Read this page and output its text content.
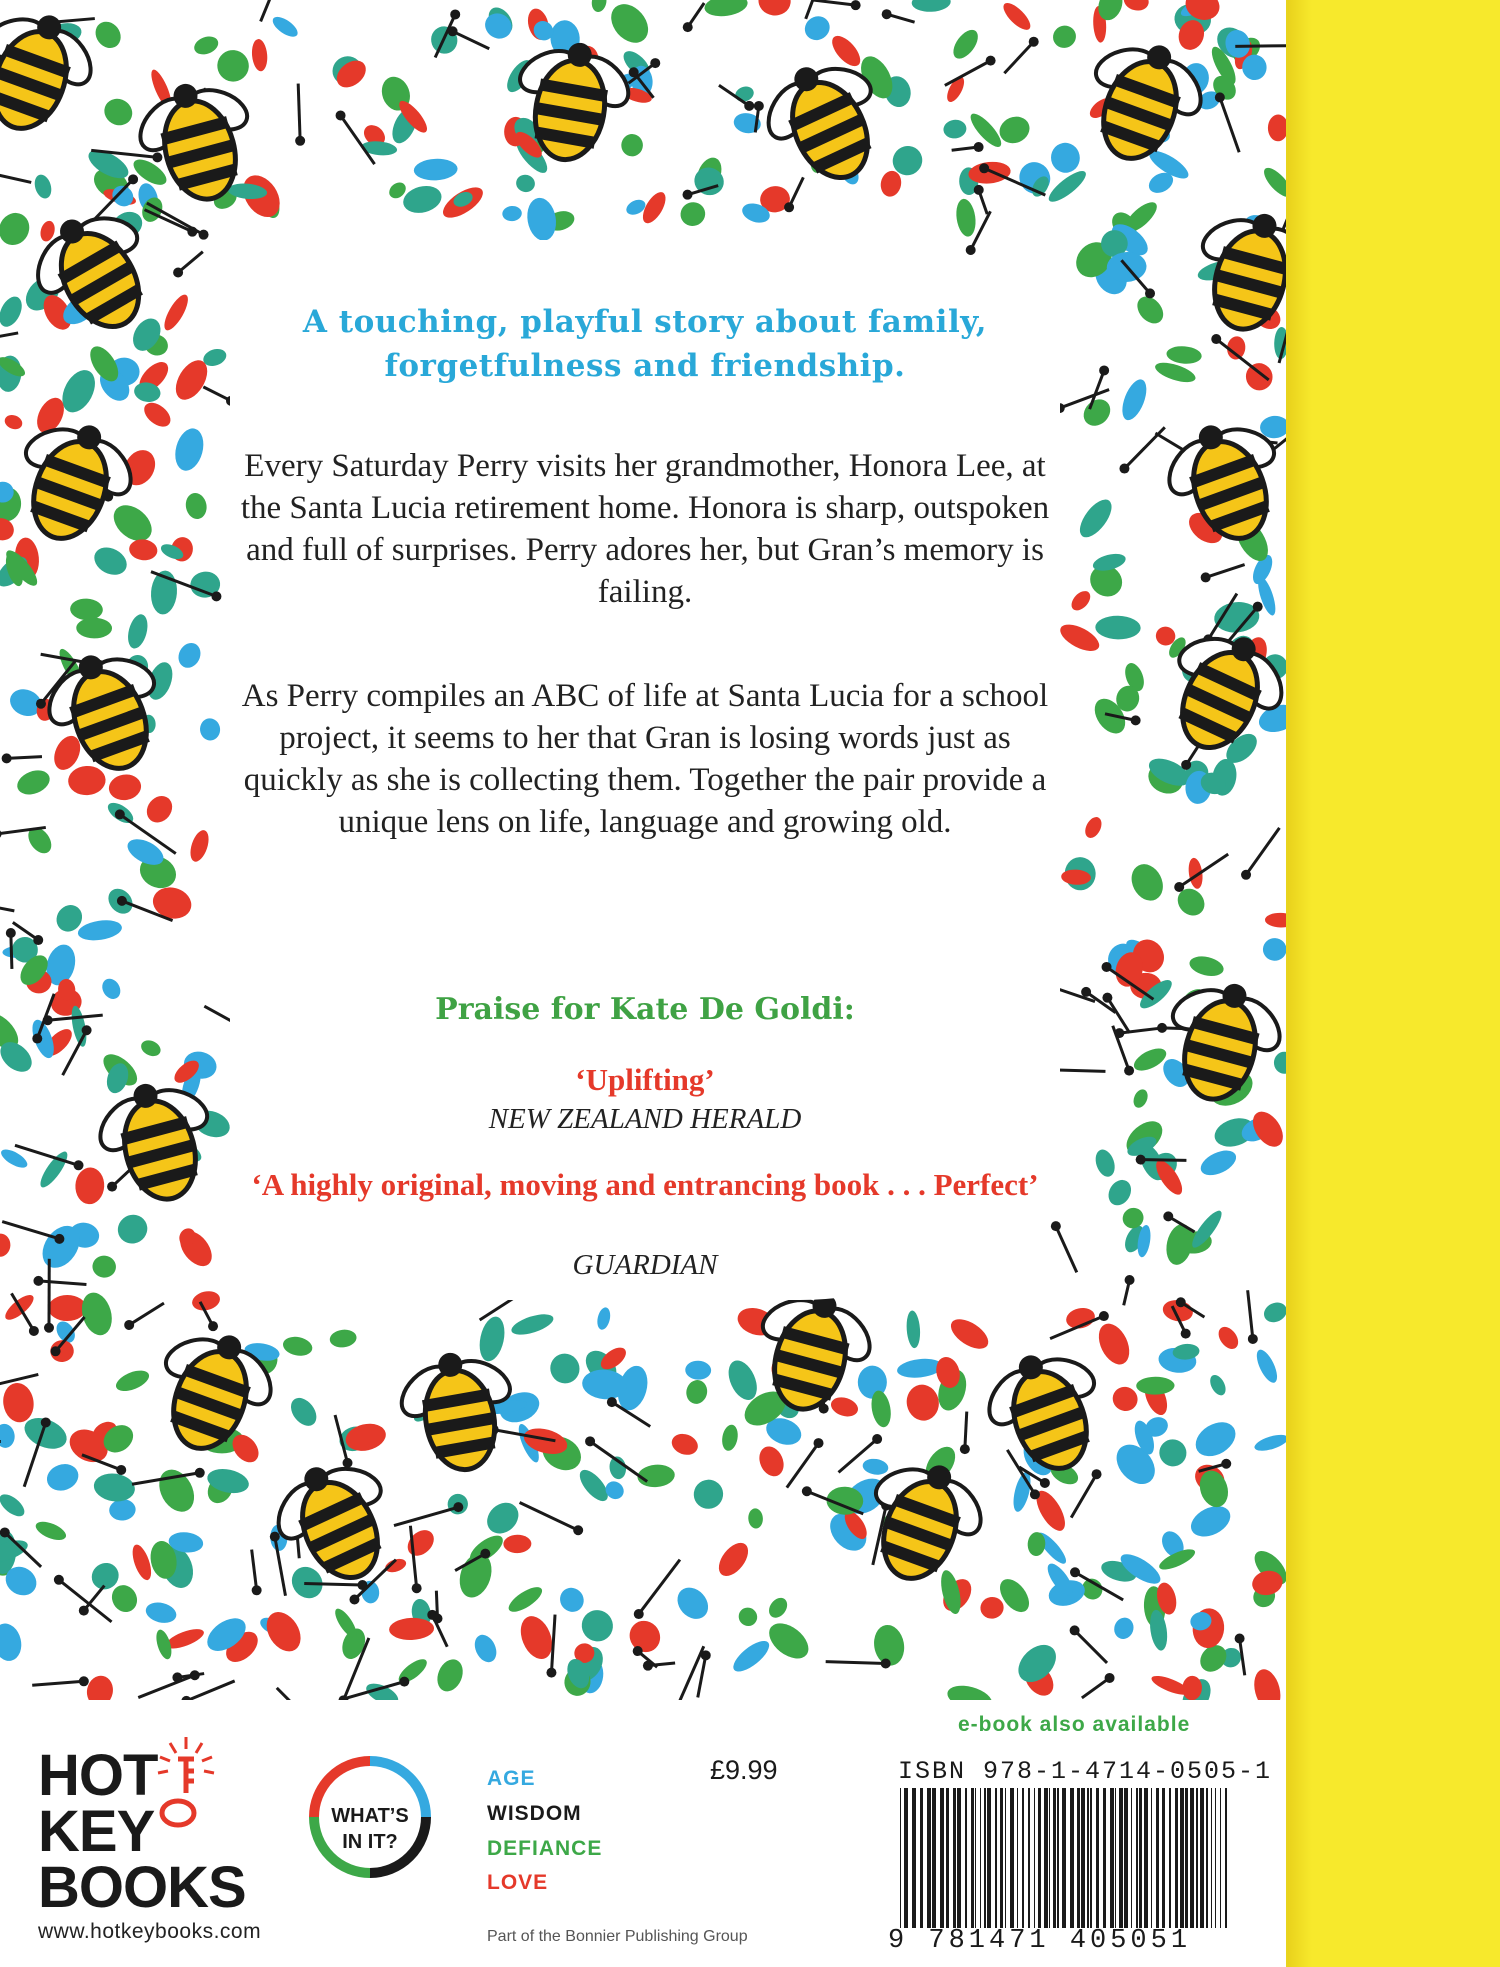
A touching, playful story about family, forgetfulness and friendship.
Every Saturday Perry visits her grandmother, Honora Lee, at the Santa Lucia retirement home. Honora is sharp, outspoken and full of surprises. Perry adores her, but Gran’s memory is failing.
As Perry compiles an ABC of life at Santa Lucia for a school project, it seems to her that Gran is losing words just as quickly as she is collecting them. Together the pair provide a unique lens on life, language and growing old.
Praise for Kate De Goldi:
‘Uplifting’
NEW ZEALAND HERALD
‘A highly original, moving and entrancing book . . . Perfect’
GUARDIAN
HOT
KEY
BOOKS
www.hotkeybooks.com
WHAT’S IN IT?
AGE
WISDOM
DEFIANCE
LOVE
£9.99
Part of the Bonnier Publishing Group
e-book also available
ISBN 978-1-4714-0505-1
9 781471 405051
